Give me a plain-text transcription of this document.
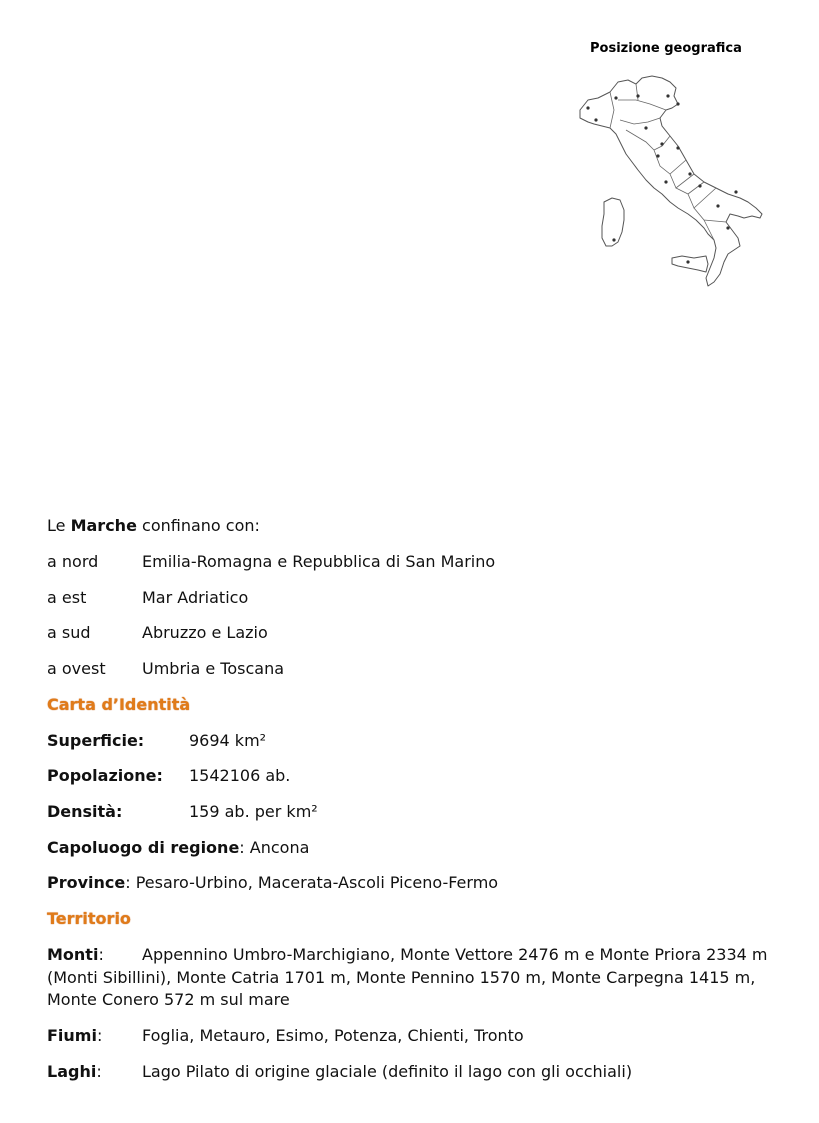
Posizione geografica
Le Marche confinano con:
a nord	Emilia-Romagna e Repubblica di San Marino
a est	Mar Adriatico
a sud	Abruzzo e Lazio
a ovest Umbria e Toscana
Carta d’Identità
Superficie:	9694 km²
Popolazione: 1542106 ab.
Densità:	159 ab. per km²
Capoluogo di regione: Ancona
Province: Pesaro-Urbino, Macerata-Ascoli Piceno-Fermo
Territorio
Monti: Appennino Umbro-Marchigiano, Monte Vettore 2476 m e Monte Priora 2334 m (Monti Sibillini), Monte Catria 1701 m, Monte Pennino 1570 m, Monte Carpegna 1415 m, Monte Conero 572 m sul mare
Fiumi: Foglia, Metauro, Esimo, Potenza, Chienti, Tronto
Laghi:	Lago Pilato di origine glaciale (definito il lago con gli occhiali)
